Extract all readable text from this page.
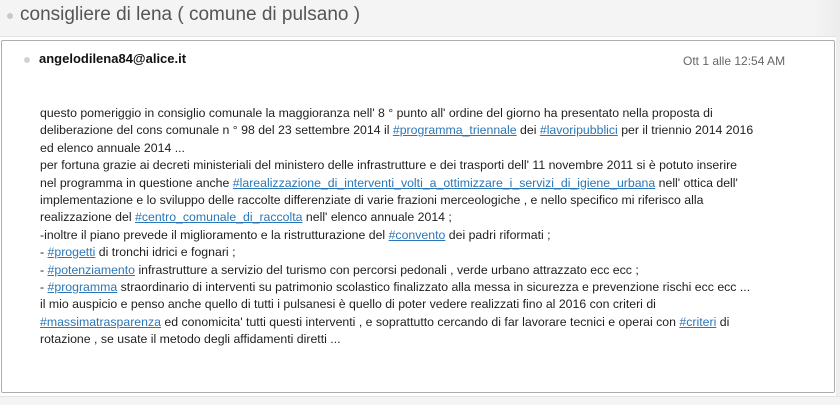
consigliere di lena ( comune di pulsano )
angelodilena84@alice.it	Ott 1 alle 12:54 AM
questo pomeriggio in consiglio comunale la maggioranza nell' 8 ° punto all' ordine del giorno ha presentato nella proposta di
deliberazione del cons comunale n ° 98 del 23 settembre 2014 il #programma_triennale dei #lavoripubblici per il triennio 2014 2016
ed elenco annuale 2014 ...
per fortuna grazie ai decreti ministeriali del ministero delle infrastrutture e dei trasporti dell' 11 novembre 2011 si è potuto inserire
nel programma in questione anche #larealizzazione_di_interventi_volti_a_ottimizzare_i_servizi_di_igiene_urbana nell' ottica dell'
implementazione e lo sviluppo delle raccolte differenziate di varie frazioni merceologiche , e nello specifico mi riferisco alla
realizzazione del #centro_comunale_di_raccolta nell' elenco annuale 2014 ;
-inoltre il piano prevede il miglioramento e la ristrutturazione del #convento dei padri riformati ;
- #progetti di tronchi idrici e fognari ;
- #potenziamento infrastrutture a servizio del turismo con percorsi pedonali , verde urbano attrazzato ecc ecc ;
- #programma straordinario di interventi su patrimonio scolastico finalizzato alla messa in sicurezza e prevenzione rischi ecc ecc ...
il mio auspicio e penso anche quello di tutti i pulsanesi è quello di poter vedere realizzati fino al 2016 con criteri di
#massimatrasparenza ed conomicita' tutti questi interventi , e soprattutto cercando di far lavorare tecnici e operai con #criteri di
rotazione , se usate il metodo degli affidamenti diretti ...
